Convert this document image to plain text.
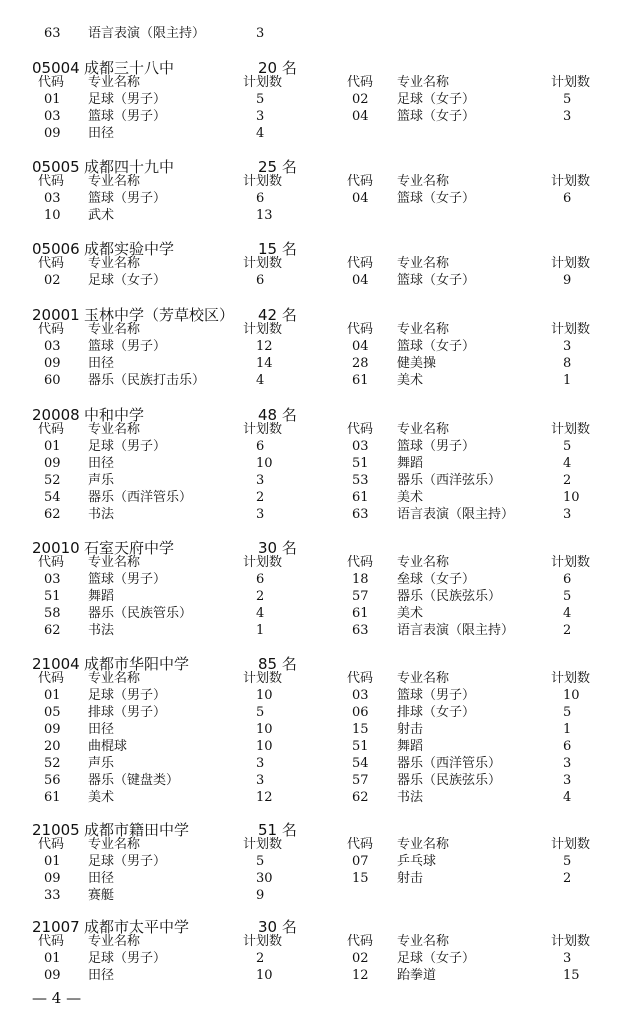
63 语言表演（限主持）	3
— 4 —
05004 成都三十八中	20 名
代码 专业名称	计划数	代码 专业名称	计划数
01 足球（男子）	5	02 足球（女子）	5
03 篮球（男子）	3	04 篮球（女子）	3
09 田径	4
05005 成都四十九中	25 名
代码 专业名称	计划数	代码 专业名称	计划数
03 篮球（男子）	6	04 篮球（女子）	6
10 武术	13
05006 成都实验中学	15 名
代码 专业名称	计划数	代码 专业名称	计划数
02 足球（女子）	6	04 篮球（女子）	9
20001 玉林中学（芳草校区） 42 名
代码 专业名称	计划数	代码 专业名称	计划数
03 篮球（男子）	12	04 篮球（女子）	3
09 田径	14	28 健美操	8
60 器乐（民族打击乐）	4	61 美术	1
20008 中和中学	48 名
代码 专业名称	计划数	代码 专业名称	计划数
01 足球（男子）	6	03 篮球（男子）	5
09 田径	10	51 舞蹈	4
52 声乐	3	53 器乐（西洋弦乐）	2
54 器乐（西洋管乐）	2	61 美术	10
62 书法	3	63 语言表演（限主持）	3
20010 石室天府中学	30 名
代码 专业名称	计划数	代码 专业名称	计划数
03 篮球（男子）	6	18 垒球（女子）	6
51 舞蹈	2	57 器乐（民族弦乐）	5
58 器乐（民族管乐）	4	61 美术	4
62 书法	1	63 语言表演（限主持）	2
21004 成都市华阳中学	85 名
代码 专业名称	计划数	代码 专业名称	计划数
01 足球（男子）	10	03 篮球（男子）	10
05 排球（男子）	5	06 排球（女子）	5
09 田径	10	15 射击	1
20 曲棍球	10	51 舞蹈	6
52 声乐	3	54 器乐（西洋管乐）	3
56 器乐（键盘类）	3	57 器乐（民族弦乐）	3
61 美术	12	62 书法	4
21005 成都市籍田中学	51 名
代码 专业名称	计划数	代码 专业名称	计划数
01 足球（男子）	5	07 乒乓球	5
09 田径	30	15 射击	2
33 赛艇	9
21007 成都市太平中学	30 名
代码 专业名称	计划数	代码 专业名称	计划数
01 足球（男子）	2	02 足球（女子）	3
09 田径	10	12 跆拳道	15
